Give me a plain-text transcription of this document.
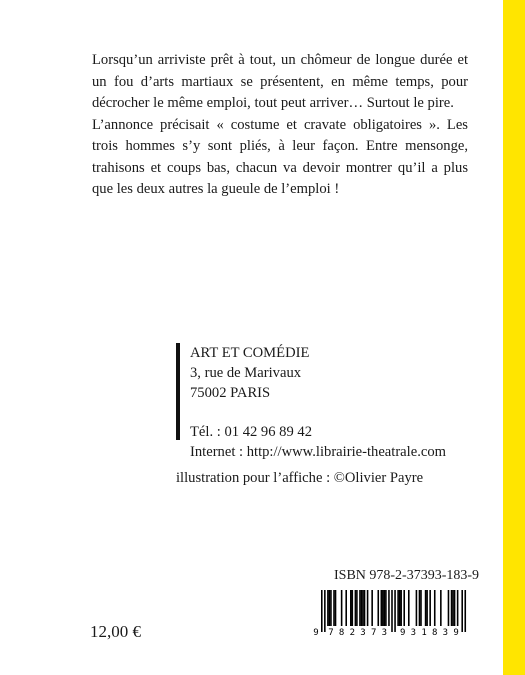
Lorsqu’un arriviste prêt à tout, un chômeur de longue durée et un fou d’arts martiaux se présentent, en même temps, pour décrocher le même emploi, tout peut arriver… Surtout le pire.

L’annonce précisait « costume et cravate obligatoires ». Les trois hommes s’y sont pliés, à leur façon. Entre mensonge, trahisons et coups bas, chacun va devoir montrer qu’il a plus que les deux autres la gueule de l’emploi !

ART ET COMÉDIE
3, rue de Marivaux
75002 PARIS
Tél. : 01 42 96 89 42
Internet : http://www.librairie-theatrale.com
illustration pour l’affiche : ©Olivier Payre
ISBN 978-2-37393-183-9
9 7 8 2 3 7 3 9 3 1 8 3 9
12,00 €
